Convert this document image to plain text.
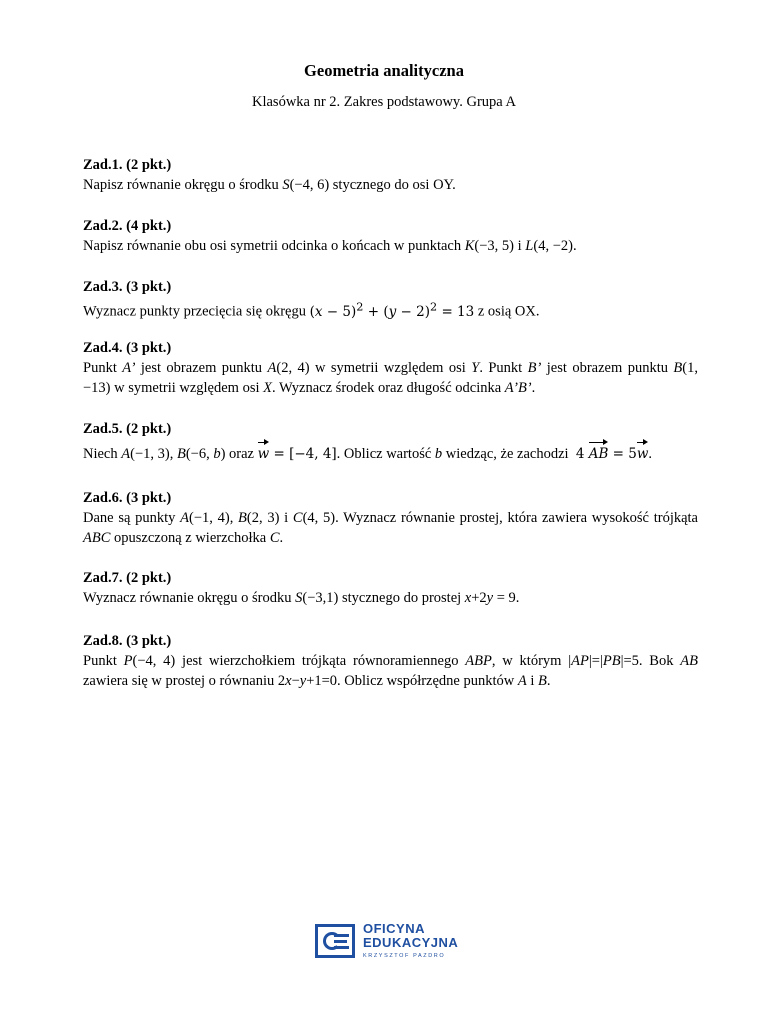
Geometria analityczna
Klasówka nr 2. Zakres podstawowy. Grupa A
Zad.1. (2 pkt.)
Napisz równanie okręgu o środku S(−4, 6) stycznego do osi OY.
Zad.2. (4 pkt.)
Napisz równanie obu osi symetrii odcinka o końcach w punktach K(−3, 5) i L(4, −2).
Zad.3. (3 pkt.)
Wyznacz punkty przecięcia się okręgu $(x - 5)^2 + (y - 2)^2 = 13$ z osią OX.
Zad.4. (3 pkt.)
Punkt A’ jest obrazem punktu A(2, 4) w symetrii względem osi Y. Punkt B’ jest obrazem punktu B(1, −13) w symetrii względem osi X. Wyznacz środek oraz długość odcinka A’B’.
Zad.5. (2 pkt.)
Niech A(−1, 3), B(−6, b) oraz w = [−4, 4]. Oblicz wartość b wiedząc, że zachodzi  4 AB = 5w.
Zad.6. (3 pkt.)
Dane są punkty A(−1, 4), B(2, 3) i C(4, 5). Wyznacz równanie prostej, która zawiera wysokość trójkąta ABC opuszczoną z wierzchołka C.
Zad.7. (2 pkt.)
Wyznacz równanie okręgu o środku S(−3,1) stycznego do prostej x+2y = 9.
Zad.8. (3 pkt.)
Punkt P(−4, 4) jest wierzchołkiem trójkąta równoramiennego ABP, w którym |AP|=|PB|=5. Bok AB zawiera się w prostej o równaniu 2x−y+1=0. Oblicz współrzędne punktów A i B.
OFICYNA
EDUKACYJNA
KRZYSZTOF PAZDRO
